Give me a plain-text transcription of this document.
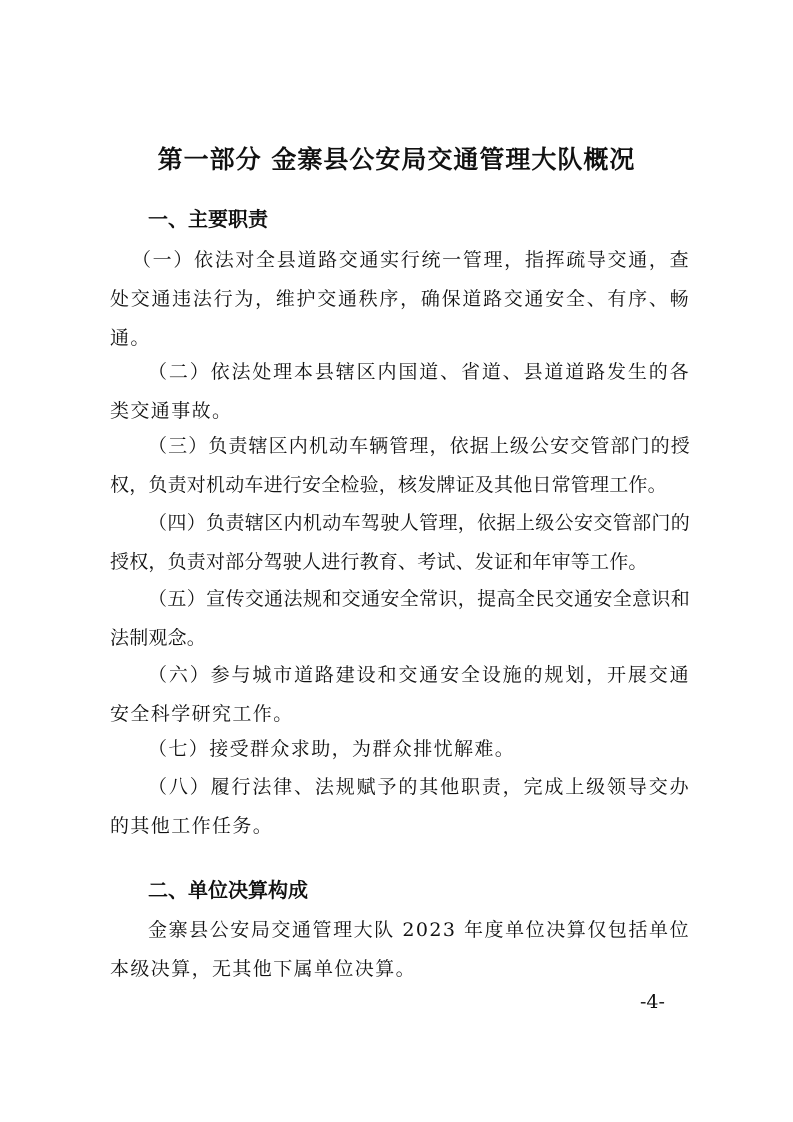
第一部分 金寨县公安局交通管理大队概况
一、主要职责

（一）依法对全县道路交通实行统一管理，指挥疏导交通，查处交通违法行为，维护交通秩序，确保道路交通安全、有序、畅通。

（二）依法处理本县辖区内国道、省道、县道道路发生的各类交通事故。

（三）负责辖区内机动车辆管理，依据上级公安交管部门的授权，负责对机动车进行安全检验，核发牌证及其他日常管理工作。

（四）负责辖区内机动车驾驶人管理，依据上级公安交管部门的授权，负责对部分驾驶人进行教育、考试、发证和年审等工作。

（五）宣传交通法规和交通安全常识，提高全民交通安全意识和法制观念。

（六）参与城市道路建设和交通安全设施的规划，开展交通安全科学研究工作。

（七）接受群众求助，为群众排忧解难。

（八）履行法律、法规赋予的其他职责，完成上级领导交办的其他工作任务。

二、单位决算构成

金寨县公安局交通管理大队 2023 年度单位决算仅包括单位本级决算，无其他下属单位决算。

-4-
